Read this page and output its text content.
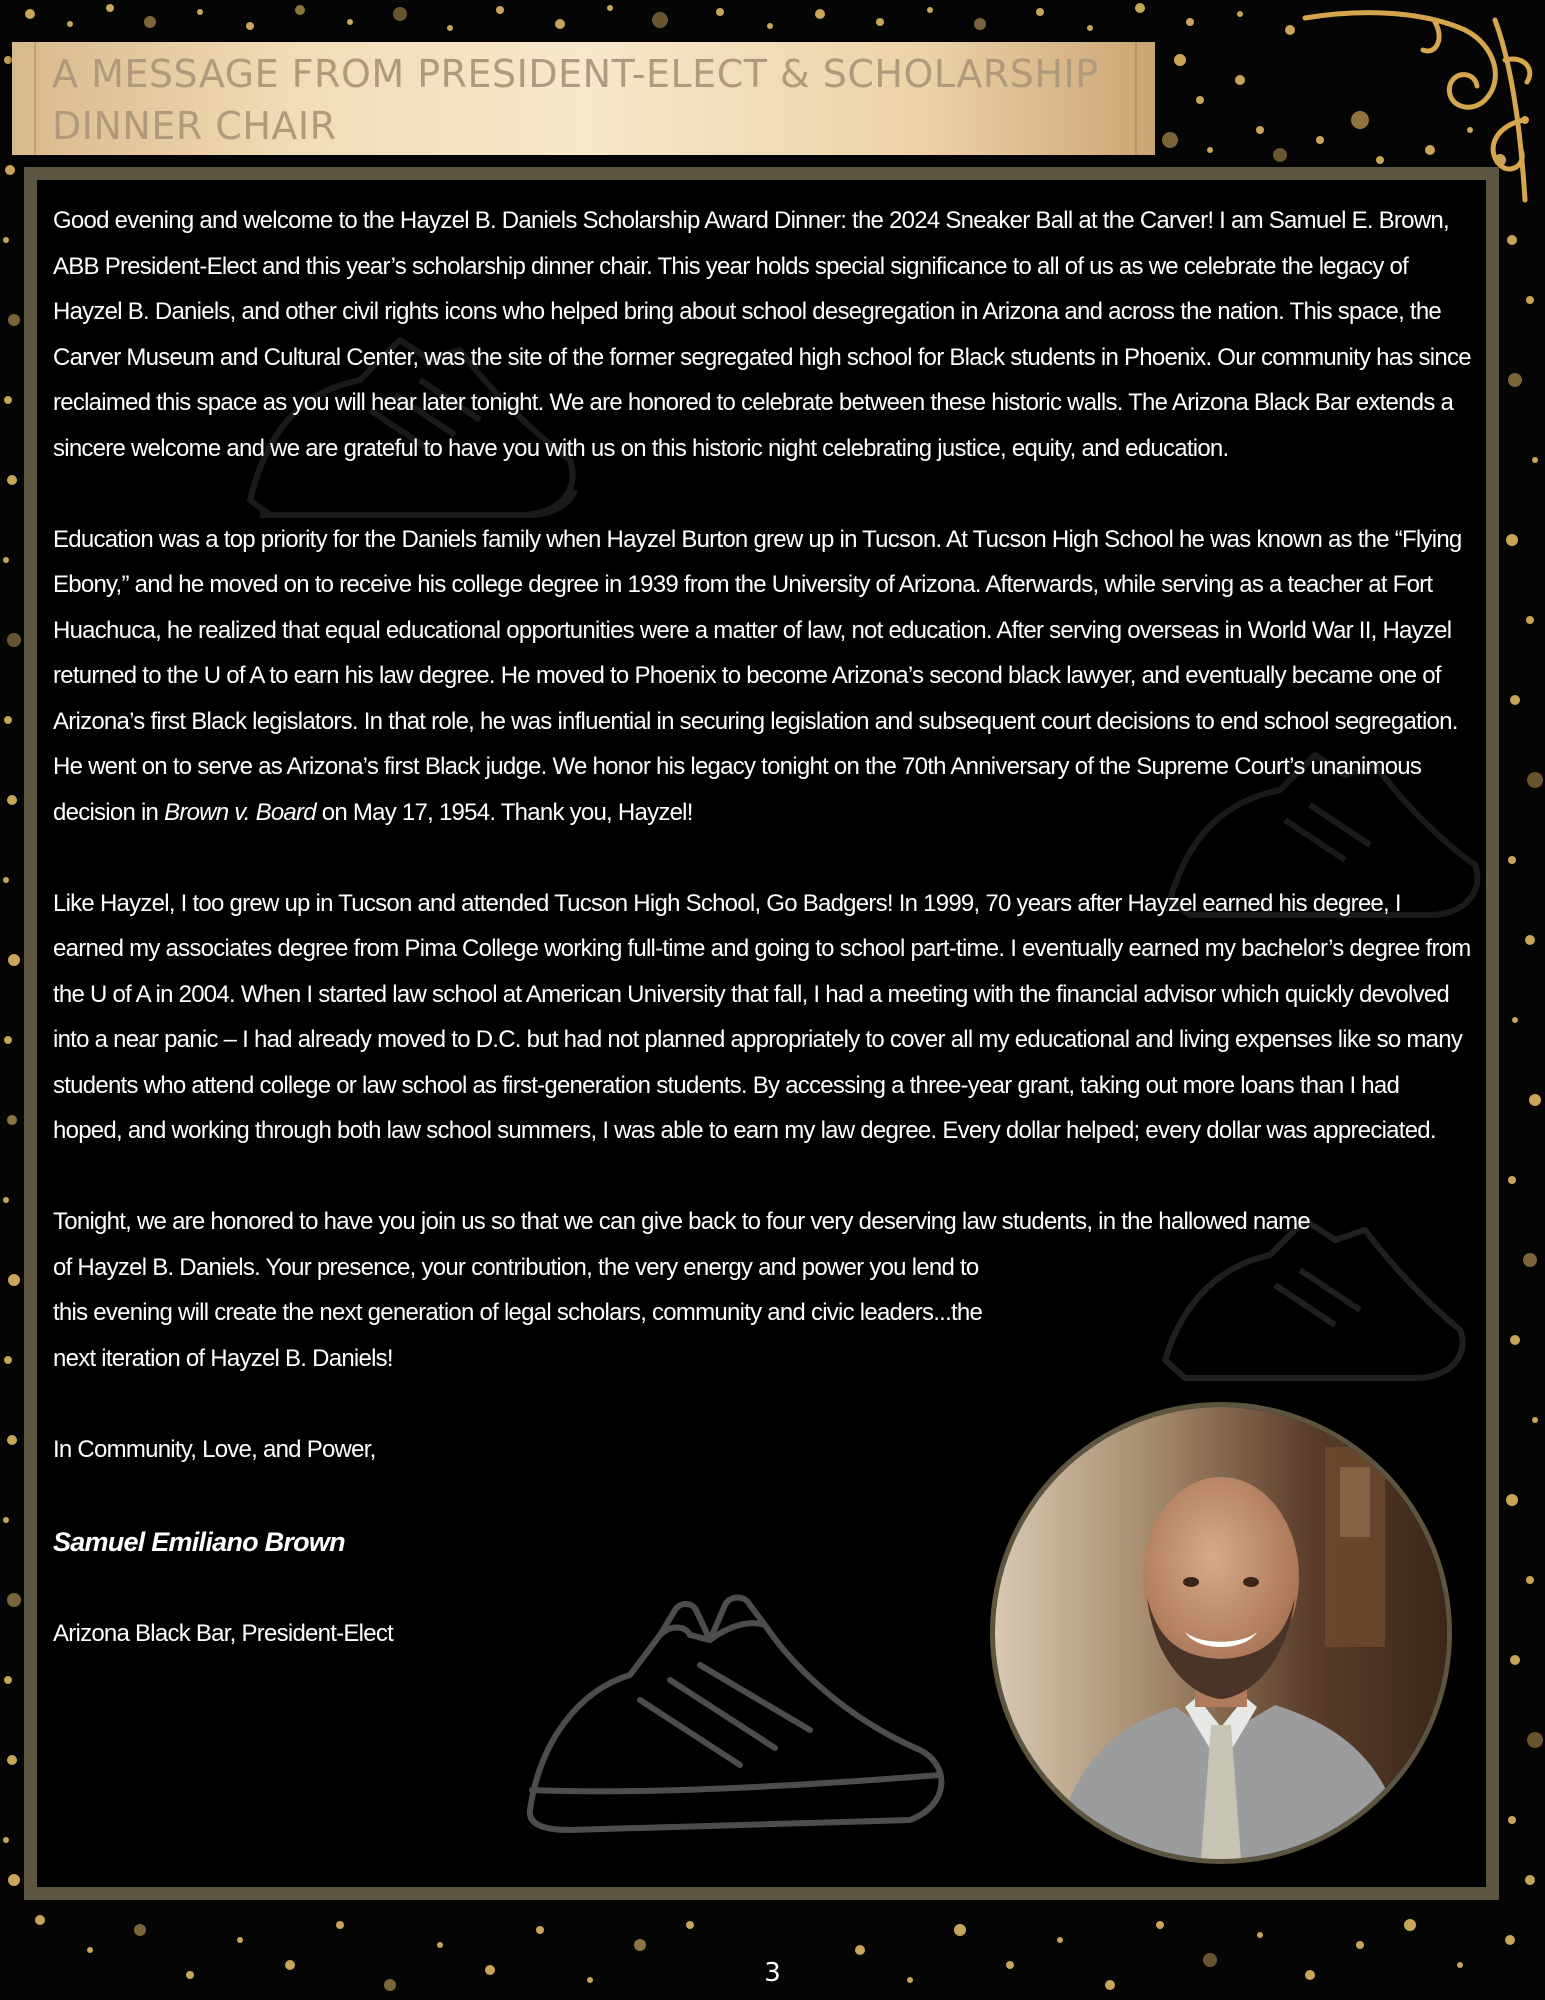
A MESSAGE FROM PRESIDENT-ELECT & SCHOLARSHIP DINNER CHAIR

Good evening and welcome to the Hayzel B. Daniels Scholarship Award Dinner: the 2024 Sneaker Ball at the Carver! I am Samuel E. Brown, ABB President-Elect and this year’s scholarship dinner chair. This year holds special significance to all of us as we celebrate the legacy of Hayzel B. Daniels, and other civil rights icons who helped bring about school desegregation in Arizona and across the nation. This space, the Carver Museum and Cultural Center, was the site of the former segregated high school for Black students in Phoenix. Our community has since reclaimed this space as you will hear later tonight. We are honored to celebrate between these historic walls. The Arizona Black Bar extends a sincere welcome and we are grateful to have you with us on this historic night celebrating justice, equity, and education.

Education was a top priority for the Daniels family when Hayzel Burton grew up in Tucson. At Tucson High School he was known as the “Flying Ebony,” and he moved on to receive his college degree in 1939 from the University of Arizona. Afterwards, while serving as a teacher at Fort Huachuca, he realized that equal educational opportunities were a matter of law, not education. After serving overseas in World War II, Hayzel returned to the U of A to earn his law degree. He moved to Phoenix to become Arizona’s second black lawyer, and eventually became one of Arizona’s first Black legislators. In that role, he was influential in securing legislation and subsequent court decisions to end school segregation. He went on to serve as Arizona’s first Black judge. We honor his legacy tonight on the 70th Anniversary of the Supreme Court’s unanimous decision in Brown v. Board on May 17, 1954. Thank you, Hayzel!

Like Hayzel, I too grew up in Tucson and attended Tucson High School, Go Badgers! In 1999, 70 years after Hayzel earned his degree, I earned my associates degree from Pima College working full-time and going to school part-time. I eventually earned my bachelor’s degree from the U of A in 2004. When I started law school at American University that fall, I had a meeting with the financial advisor which quickly devolved into a near panic – I had already moved to D.C. but had not planned appropriately to cover all my educational and living expenses like so many students who attend college or law school as first-generation students. By accessing a three-year grant, taking out more loans than I had hoped, and working through both law school summers, I was able to earn my law degree. Every dollar helped; every dollar was appreciated.

Tonight, we are honored to have you join us so that we can give back to four very deserving law students, in the hallowed name
of Hayzel B. Daniels. Your presence, your contribution, the very energy and power you lend to this evening will create the next generation of legal scholars, community and civic leaders...the next iteration of Hayzel B. Daniels!

In Community, Love, and Power,

Samuel Emiliano Brown

Arizona Black Bar, President-Elect

3
